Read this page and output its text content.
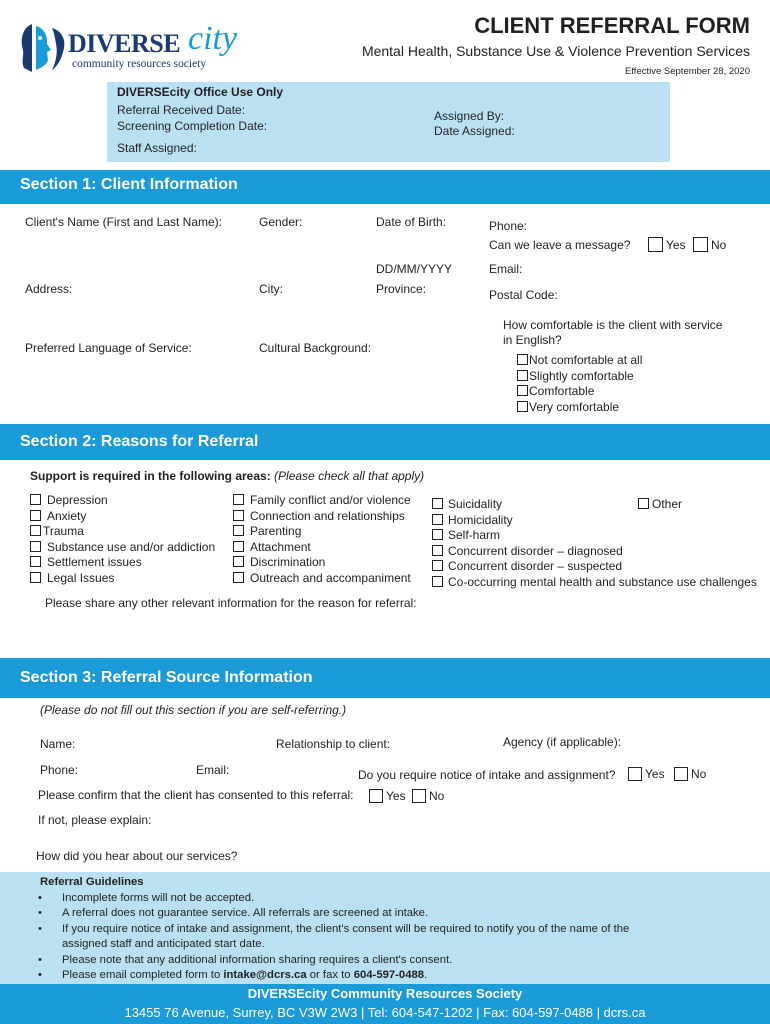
DIVERSE city
community resources society
CLIENT REFERRAL FORM
Mental Health, Substance Use & Violence Prevention Services
Effective September 28, 2020
DIVERSEcity Office Use Only
Referral Received Date:
Screening Completion Date:
Staff Assigned:
Assigned By:
Date Assigned:
Section 1: Client Information
Client's Name (First and Last Name):	Gender:	Date of Birth:	Phone:
Can we leave a message?	Yes	No
DD/MM/YYYY	Email:
Address:	City:	Province:	Postal Code:
How comfortable is the client with service
in English?
Not comfortable at all
Slightly comfortable
Comfortable
Very comfortable
Preferred Language of Service:	Cultural Background:
Section 2: Reasons for Referral
Support is required in the following areas: (Please check all that apply)
Depression
Anxiety
Trauma
Substance use and/or addiction
Settlement issues
Legal Issues
Family conflict and/or violence
Connection and relationships
Parenting
Attachment
Discrimination
Outreach and accompaniment
Suicidality
Homicidality
Self-harm
Concurrent disorder – diagnosed
Concurrent disorder – suspected
Co-occurring mental health and substance use challenges
Other
Please share any other relevant information for the reason for referral:
Section 3: Referral Source Information
(Please do not fill out this section if you are self-referring.)
Name:	Relationship to client:	Agency (if applicable):
Phone:	Email:	Do you require notice of intake and assignment?	Yes	No
Please confirm that the client has consented to this referral:	Yes	No
If not, please explain:
How did you hear about our services?
Referral Guidelines
• Incomplete forms will not be accepted.
• A referral does not guarantee service. All referrals are screened at intake.
• If you require notice of intake and assignment, the client's consent will be required to notify you of the name of the
assigned staff and anticipated start date.
• Please note that any additional information sharing requires a client's consent.
• Please email completed form to intake@dcrs.ca or fax to 604-597-0488.
DIVERSEcity Community Resources Society
13455 76 Avenue, Surrey, BC V3W 2W3 | Tel: 604-547-1202 | Fax: 604-597-0488 | dcrs.ca
